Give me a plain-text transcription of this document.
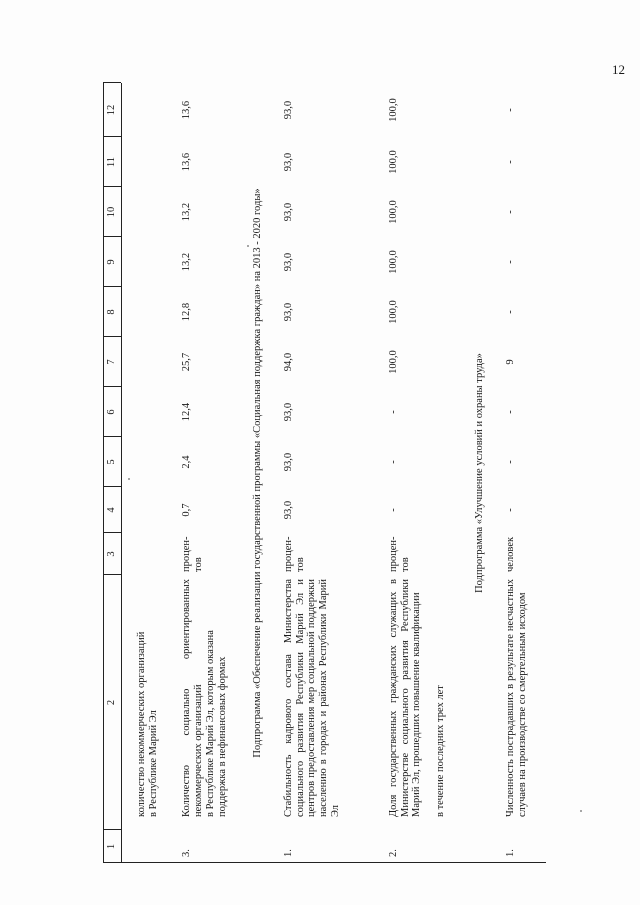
12
1
2
3
4
5
6
7
8
9
10
11
12
количество некоммерческих организаций в Республике Марий Эл
3.
Количество социально ориентированных некоммерческих организаций в Республике Марий Эл, которым оказана поддержка в нефинансовых формах
процен- тов
0,7
2,4
12,4
25,7
12,8
13,2
13,2
13,6
13,6
Подпрограмма «Обеспечение реализации государственной программы «Социальная поддержка граждан» на 2013 - 2020 годы»
1.
Стабильность кадрового состава Министерства социального развития Республики Марий Эл и центров предоставления мер социальной поддержки населению в городах и районах Республики Марий Эл
процен- тов
93,0
93,0
93,0
94,0
93,0
93,0
93,0
93,0
93,0
2.
Доля государственных гражданских служащих в Министерстве социального развития Республики Марий Эл, прошедших повышение квалификации в течение последних трех лет
процен- тов
-
-
-
100,0
100,0
100,0
100,0
100,0
100,0
Подпрограмма «Улучшение условий и охраны труда»
1.
Численность пострадавших в результате несчастных случаев на производстве со смертельным исходом
человек
-
-
-
9
-
-
-
-
-
